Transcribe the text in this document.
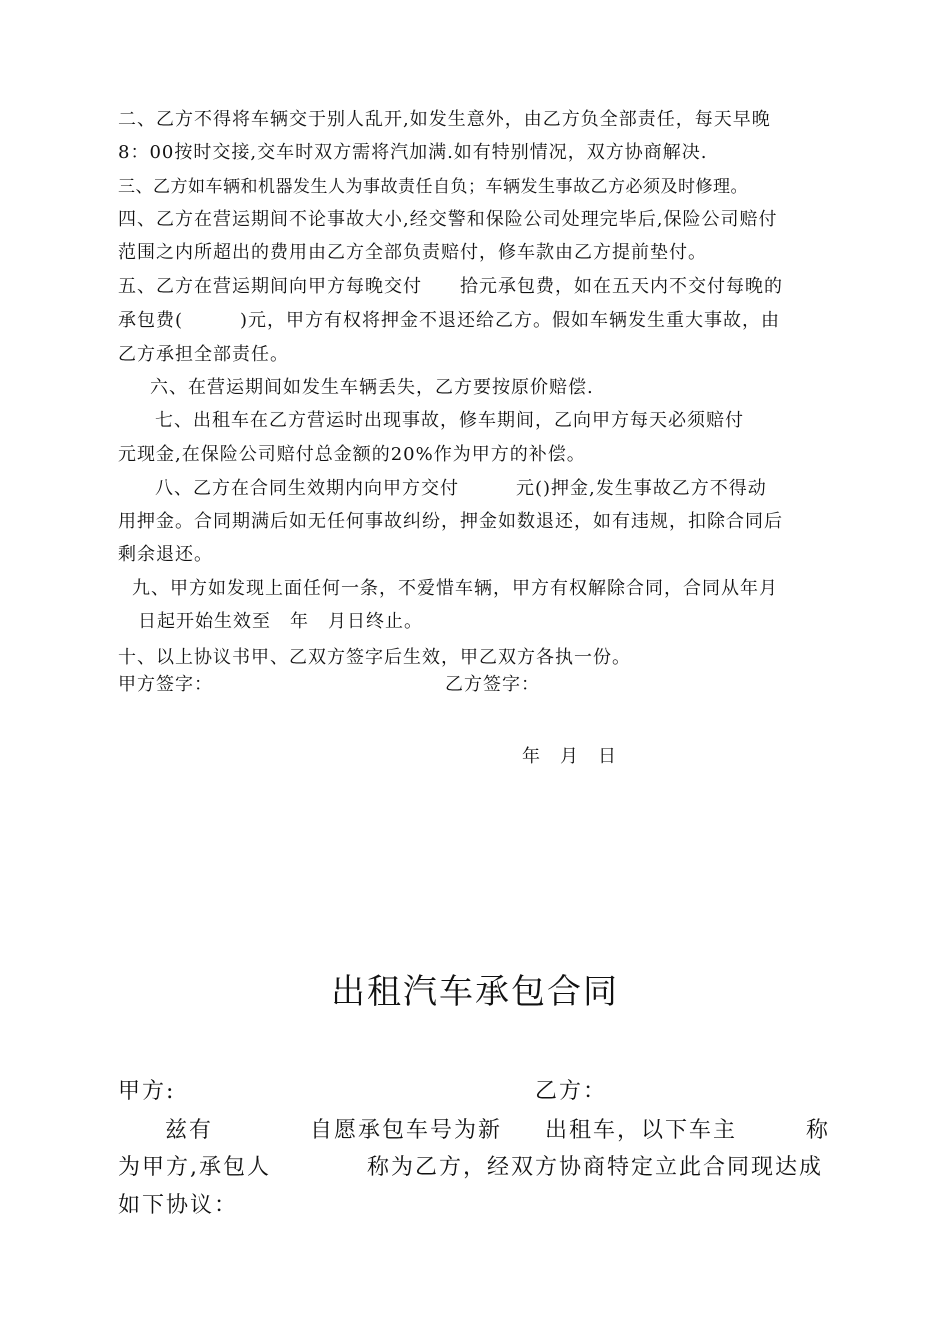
二、乙方不得将车辆交于别人乱开,如发生意外，由乙方负全部责任，每天早晚
8：00按时交接,交车时双方需将汽加满.如有特别情况，双方协商解决.
三、乙方如车辆和机器发生人为事故责任自负；车辆发生事故乙方必须及时修理。
四、乙方在营运期间不论事故大小,经交警和保险公司处理完毕后,保险公司赔付
范围之内所超出的费用由乙方全部负责赔付，修车款由乙方提前垫付。
五、乙方在营运期间向甲方每晚交付　　拾元承包费，如在五天内不交付每晚的
承包费(　　　)元，甲方有权将押金不退还给乙方。假如车辆发生重大事故，由
乙方承担全部责任。
六、在营运期间如发生车辆丢失，乙方要按原价赔偿.
七、出租车在乙方营运时出现事故，修车期间，乙向甲方每天必须赔付
元现金,在保险公司赔付总金额的20%作为甲方的补偿。
八、乙方在合同生效期内向甲方交付　　　元()押金,发生事故乙方不得动
用押金。合同期满后如无任何事故纠纷，押金如数退还，如有违规，扣除合同后
剩余退还。
九、甲方如发现上面任何一条，不爱惜车辆，甲方有权解除合同，合同从年月
日起开始生效至　年　月日终止。
十、以上协议书甲、乙双方签字后生效，甲乙双方各执一份。
甲方签字：	乙方签字：
年　月　日
出租汽车承包合同
甲方:	乙方：
兹有	自愿承包车号为新	出租车，以下车主	称
为甲方,承包人	称为乙方，经双方协商特定立此合同现达成
如下协议：
